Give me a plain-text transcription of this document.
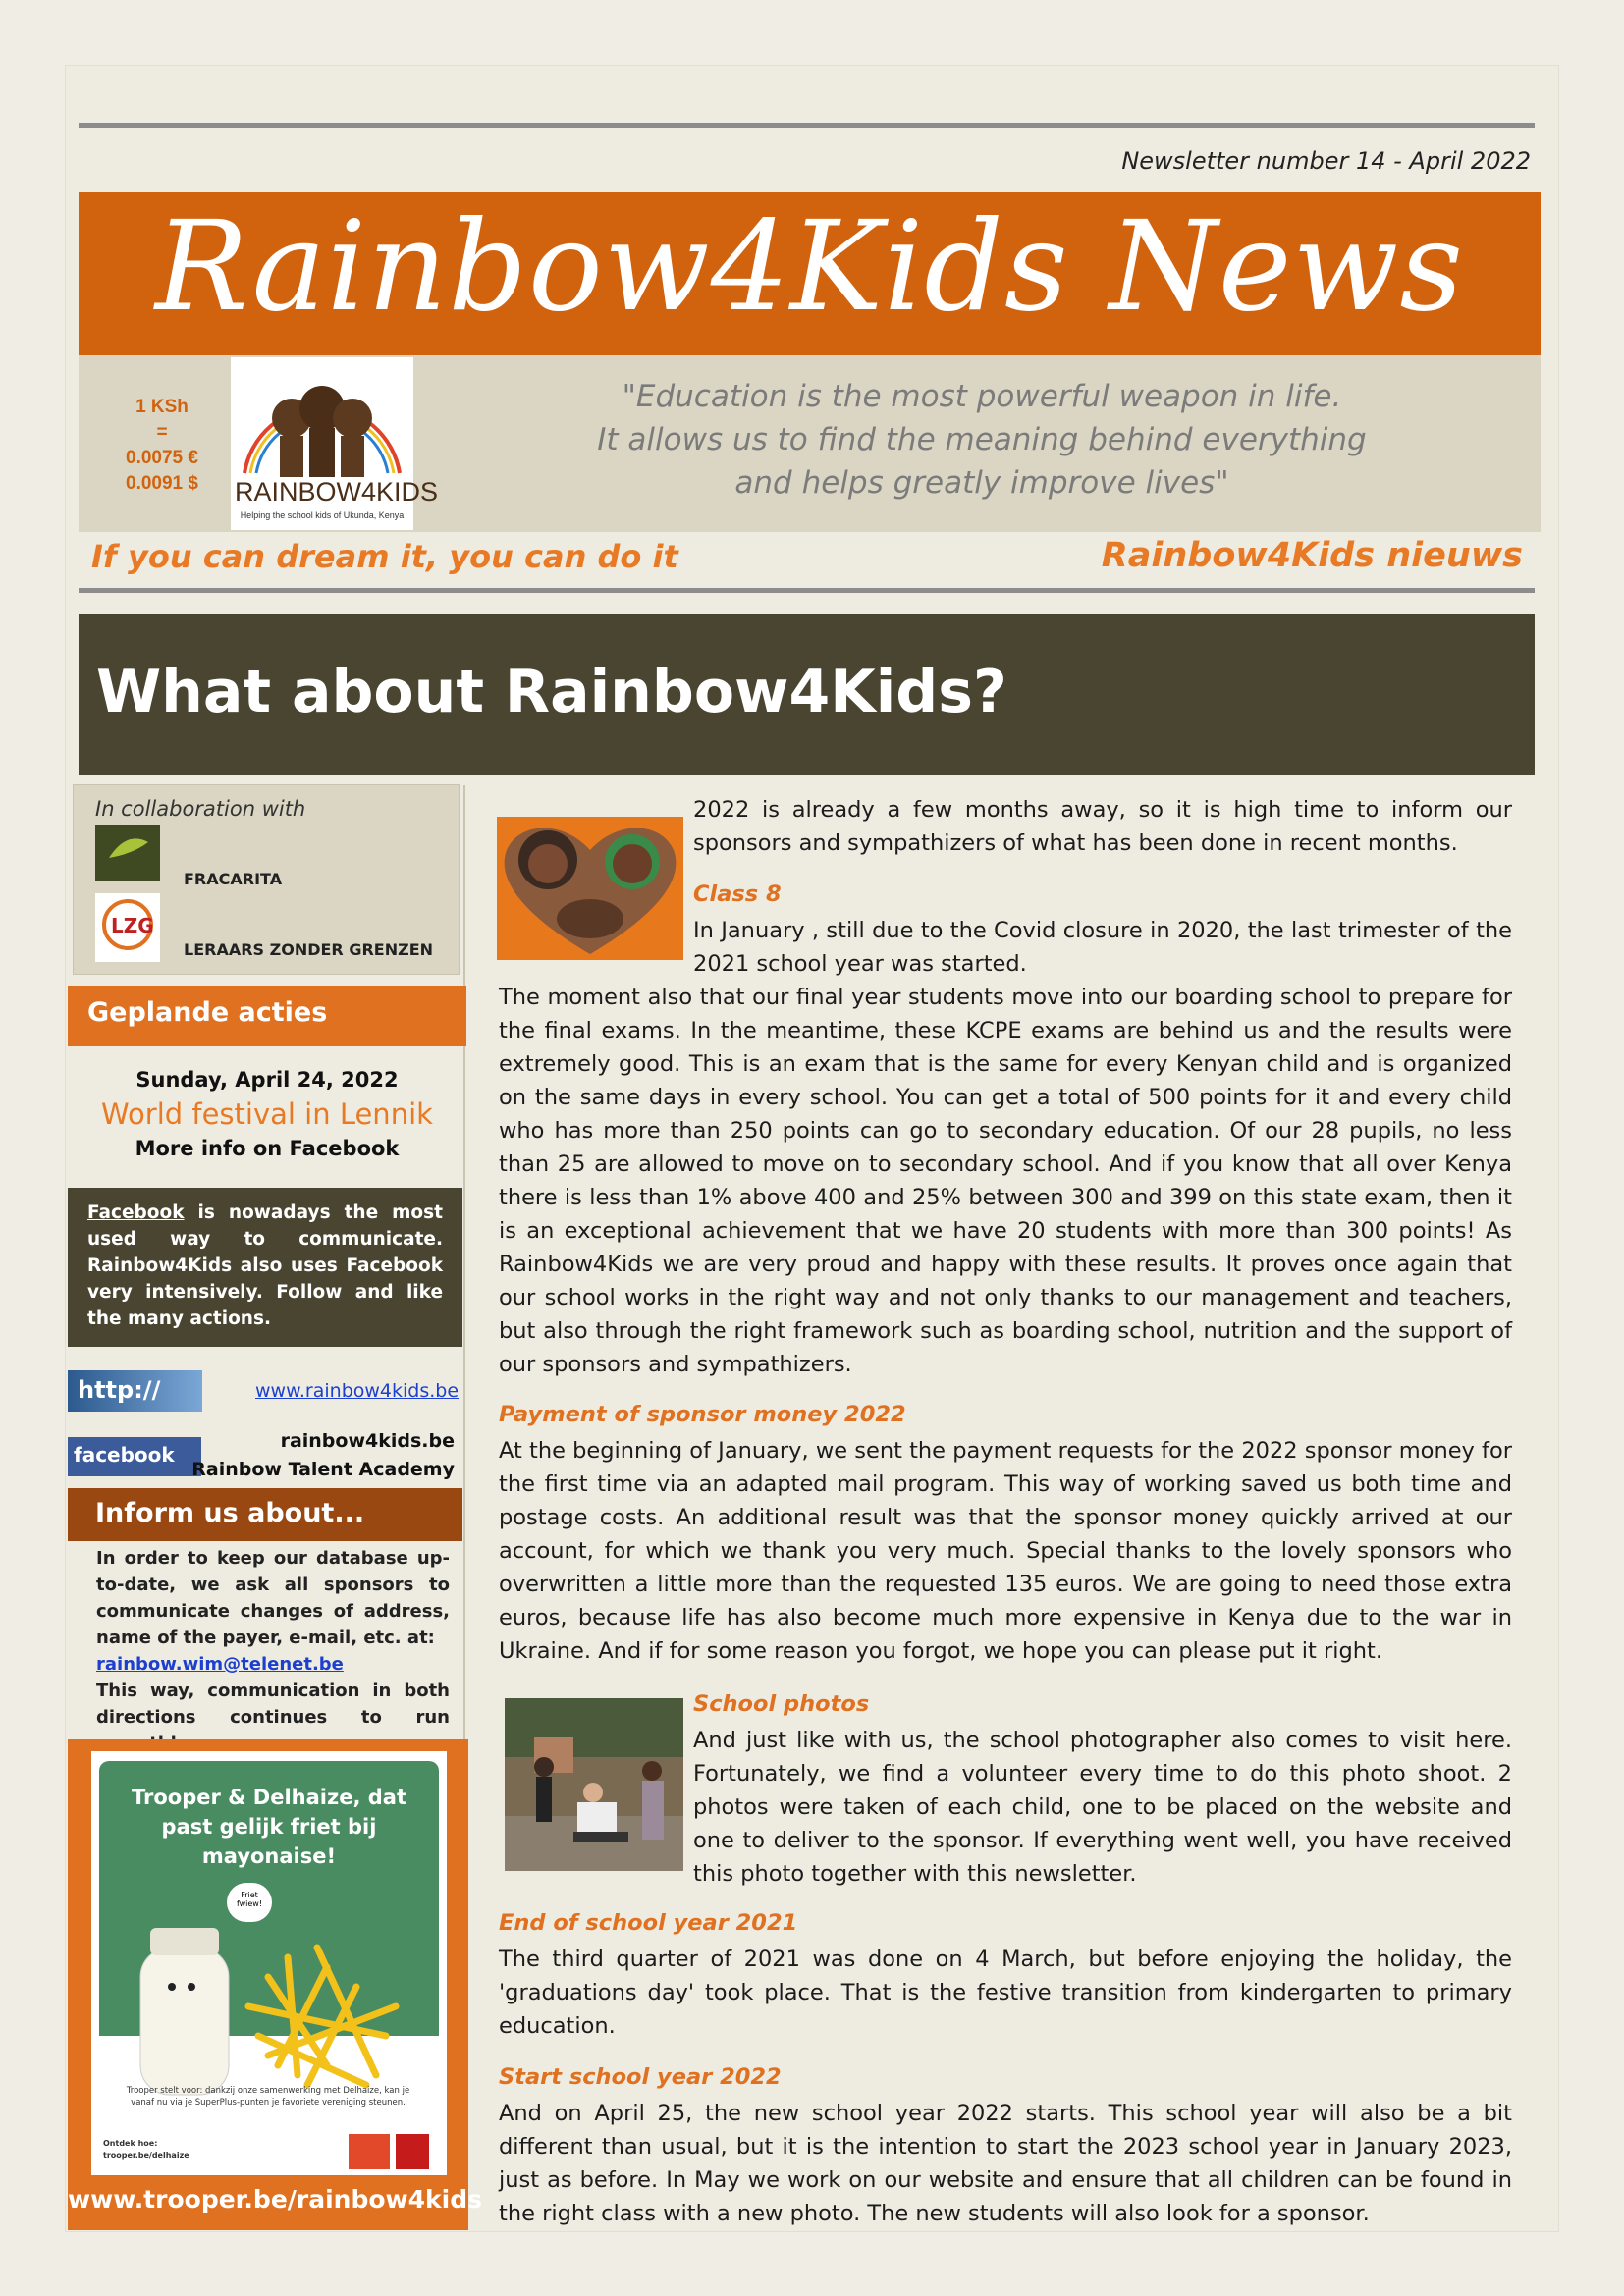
Newsletter number 14 - April 2022
Rainbow4Kids News
1 KSh
=
0.0075 €
0.0091 $ RAINBOW4KIDS
Helping the school kids of Ukunda, Kenya
"Education is the most powerful weapon in life.
It allows us to find the meaning behind everything
and helps greatly improve lives"
If you can dream it, you can do it	Rainbow4Kids nieuws
What about Rainbow4Kids?
In collaboration with
FRACARITA
LZG
LERAARS ZONDER GRENZEN
Geplande acties
Sunday, April 24, 2022
World festival in Lennik
More info on Facebook
Facebook is nowadays the most used way to communicate. Rainbow4Kids also uses Facebook very intensively. Follow and like the many actions.
http://	www.rainbow4kids.be
facebook
rainbow4kids.be
Rainbow Talent Academy
Inform us about...
In order to keep our database up-to-date, we ask all sponsors to communicate changes of address, name of the payer, e-mail, etc. at:
rainbow.wim@telenet.be
This way, communication in both directions continues to run
Trooper & Delhaize, dat past gelijk friet bij mayonaise!
Friet fwiew!
Trooper stelt voor: dankzij onze samenwerking met Delhaize, kan je vanaf nu via je SuperPlus-punten je favoriete vereniging steunen.
Ontdek hoe:
trooper.be/delhaize
www.trooper.be/rainbow4kids
2022 is already a few months away, so it is high time to inform our sponsors and sympathizers of what has been done in recent months.
Class 8
In January , still due to the Covid closure in 2020, the last trimester of the 2021 school year was started.
The moment also that our final year students move into our boarding school to prepare for the final exams. In the meantime, these KCPE exams are behind us and the results were extremely good. This is an exam that is the same for every Kenyan child and is organized on the same days in every school. You can get a total of 500 points for it and every child who has more than 250 points can go to secondary education. Of our 28 pupils, no less than 25 are allowed to move on to secondary school. And if you know that all over Kenya there is less than 1% above 400 and 25% between 300 and 399 on this state exam, then it is an exceptional achievement that we have 20 students with more than 300 points! As Rainbow4Kids we are very proud and happy with these results. It proves once again that our school works in the right way and not only thanks to our management and teachers, but also through the right framework such as boarding school, nutrition and the support of our sponsors and sympathizers.
Payment of sponsor money 2022
At the beginning of January, we sent the payment requests for the 2022 sponsor money for the first time via an adapted mail program. This way of working saved us both time and postage costs. An additional result was that the sponsor money quickly arrived at our account, for which we thank you very much. Special thanks to the lovely sponsors who overwritten a little more than the requested 135 euros. We are going to need those extra euros, because life has also become much more expensive in Kenya due to the war in Ukraine. And if for some reason you forgot, we hope you can please put it right.
School photos
And just like with us, the school photographer also comes to visit here. Fortunately, we find a volunteer every time to do this photo shoot. 2 photos were taken of each child, one to be placed on the website and one to deliver to the sponsor. If everything went well, you have received this photo together with this newsletter.
End of school year 2021
The third quarter of 2021 was done on 4 March, but before enjoying the holiday, the 'graduations day' took place. That is the festive transition from kindergarten to primary education.
Start school year 2022
And on April 25, the new school year 2022 starts. This school year will also be a bit different than usual, but it is the intention to start the 2023 school year in January 2023, just as before. In May we work on our website and ensure that all children can be found in the right class with a new photo. The new students will also look for a sponsor.
